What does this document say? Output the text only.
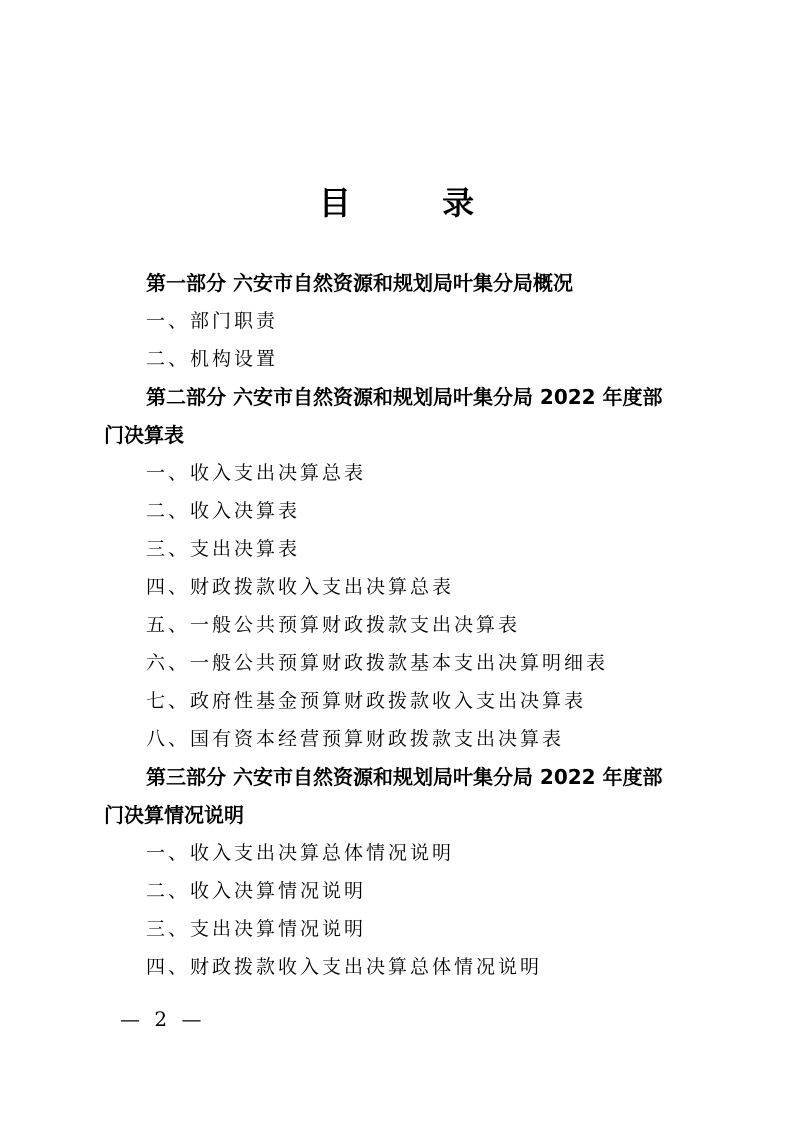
目 录
第一部分 六安市自然资源和规划局叶集分局概况
一、部门职责
二、机构设置
第二部分 六安市自然资源和规划局叶集分局 2022 年度部
门决算表
一、收入支出决算总表
二、收入决算表
三、支出决算表
四、财政拨款收入支出决算总表
五、一般公共预算财政拨款支出决算表
六、一般公共预算财政拨款基本支出决算明细表
七、政府性基金预算财政拨款收入支出决算表
八、国有资本经营预算财政拨款支出决算表
第三部分 六安市自然资源和规划局叶集分局 2022 年度部
门决算情况说明
一、收入支出决算总体情况说明
二、收入决算情况说明
三、支出决算情况说明
四、财政拨款收入支出决算总体情况说明
— 2 —
